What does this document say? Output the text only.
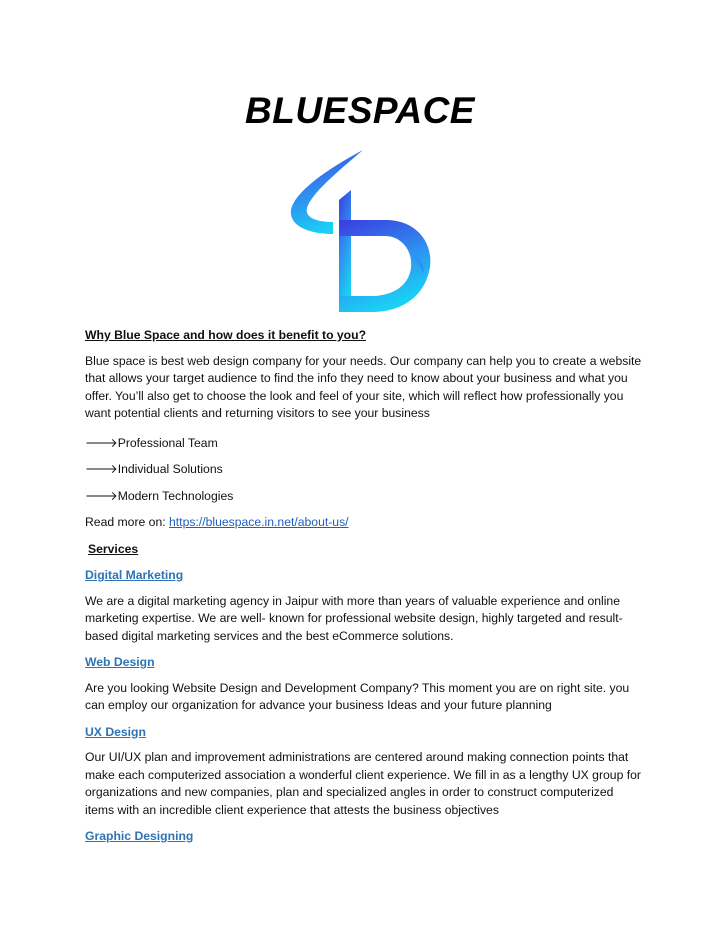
BLUESPACE

Why Blue Space and how does it benefit to you?

Blue space is best web design company for your needs. Our company can help you to create a website that allows your target audience to find the info they need to know about your business and what you offer. You’ll also get to choose the look and feel of your site, which will reflect how professionally you want potential clients and returning visitors to see your business

🡒Professional Team

🡒Individual Solutions

🡒Modern Technologies

Read more on: https://bluespace.in.net/about-us/

Services

Digital Marketing

We are a digital marketing agency in Jaipur with more than years of valuable experience and online marketing expertise. We are well- known for professional website design, highly targeted and result-based digital marketing services and the best eCommerce solutions.

Web Design

Are you looking Website Design and Development Company? This moment you are on right site. you can employ our organization for advance your business Ideas and your future planning

UX Design

Our UI/UX plan and improvement administrations are centered around making connection points that make each computerized association a wonderful client experience. We fill in as a lengthy UX group for organizations and new companies, plan and specialized angles in order to construct computerized items with an incredible client experience that attests the business objectives

Graphic Designing
